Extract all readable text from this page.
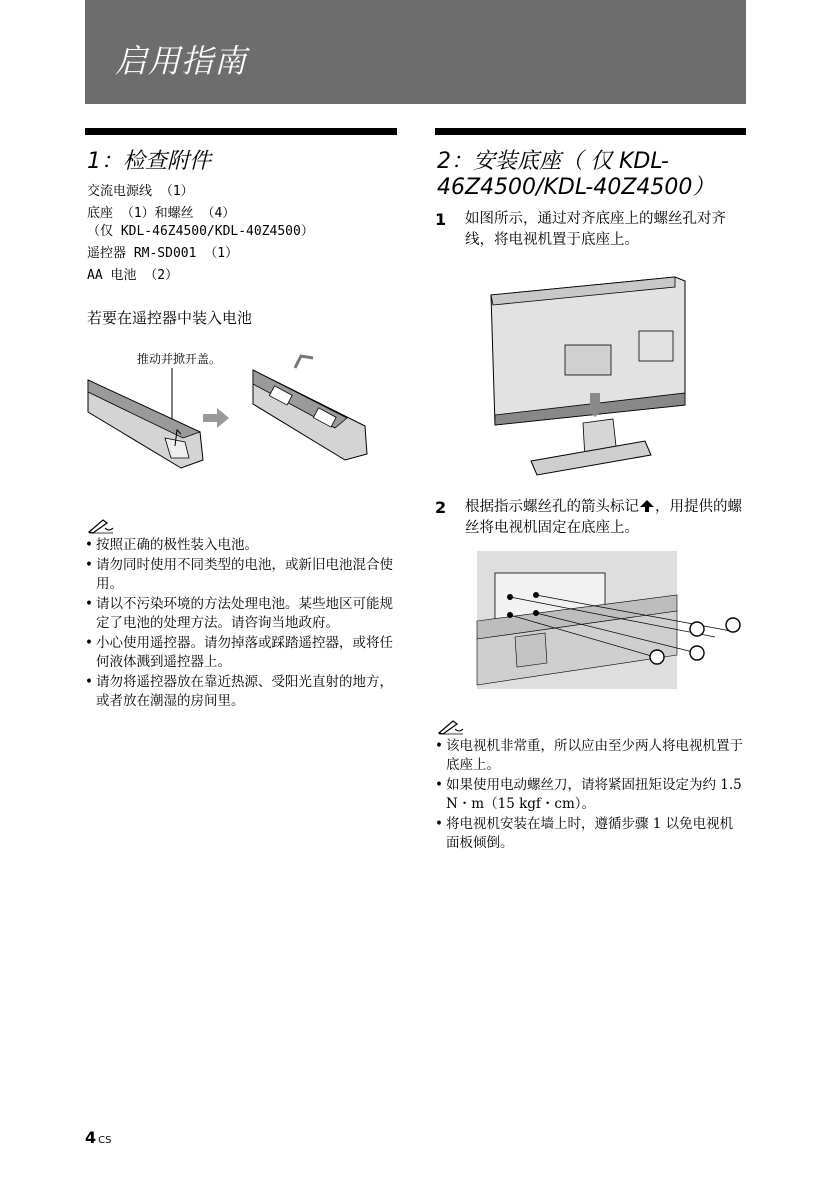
启用指南
1：检查附件
交流电源线 （1）
底座 （1）和螺丝 （4）
（仅 KDL-46Z4500/KDL-40Z4500）
遥控器 RM-SD001 （1）
AA 电池 （2）
若要在遥控器中装入电池
推动并掀开盖。
• 按照正确的极性装入电池。
• 请勿同时使用不同类型的电池，或新旧电池混合使用。
• 请以不污染环境的方法处理电池。某些地区可能规定了电池的处理方法。请咨询当地政府。
• 小心使用遥控器。请勿掉落或踩踏遥控器，或将任何液体溅到遥控器上。
• 请勿将遥控器放在靠近热源、受阳光直射的地方，或者放在潮湿的房间里。
2：安装底座（ 仅 KDL-
46Z4500/KDL-40Z4500）
1 如图所示，通过对齐底座上的螺丝孔对齐线，将电视机置于底座上。
2 根据指示螺丝孔的箭头标记 ，用提供的螺丝将电视机固定在底座上。
• 该电视机非常重，所以应由至少两人将电视机置于底座上。
• 如果使用电动螺丝刀，请将紧固扭矩设定为约 1.5 N・m（15 kgf・cm）。
• 将电视机安装在墙上时，遵循步骤 1 以免电视机面板倾倒。
4 CS
